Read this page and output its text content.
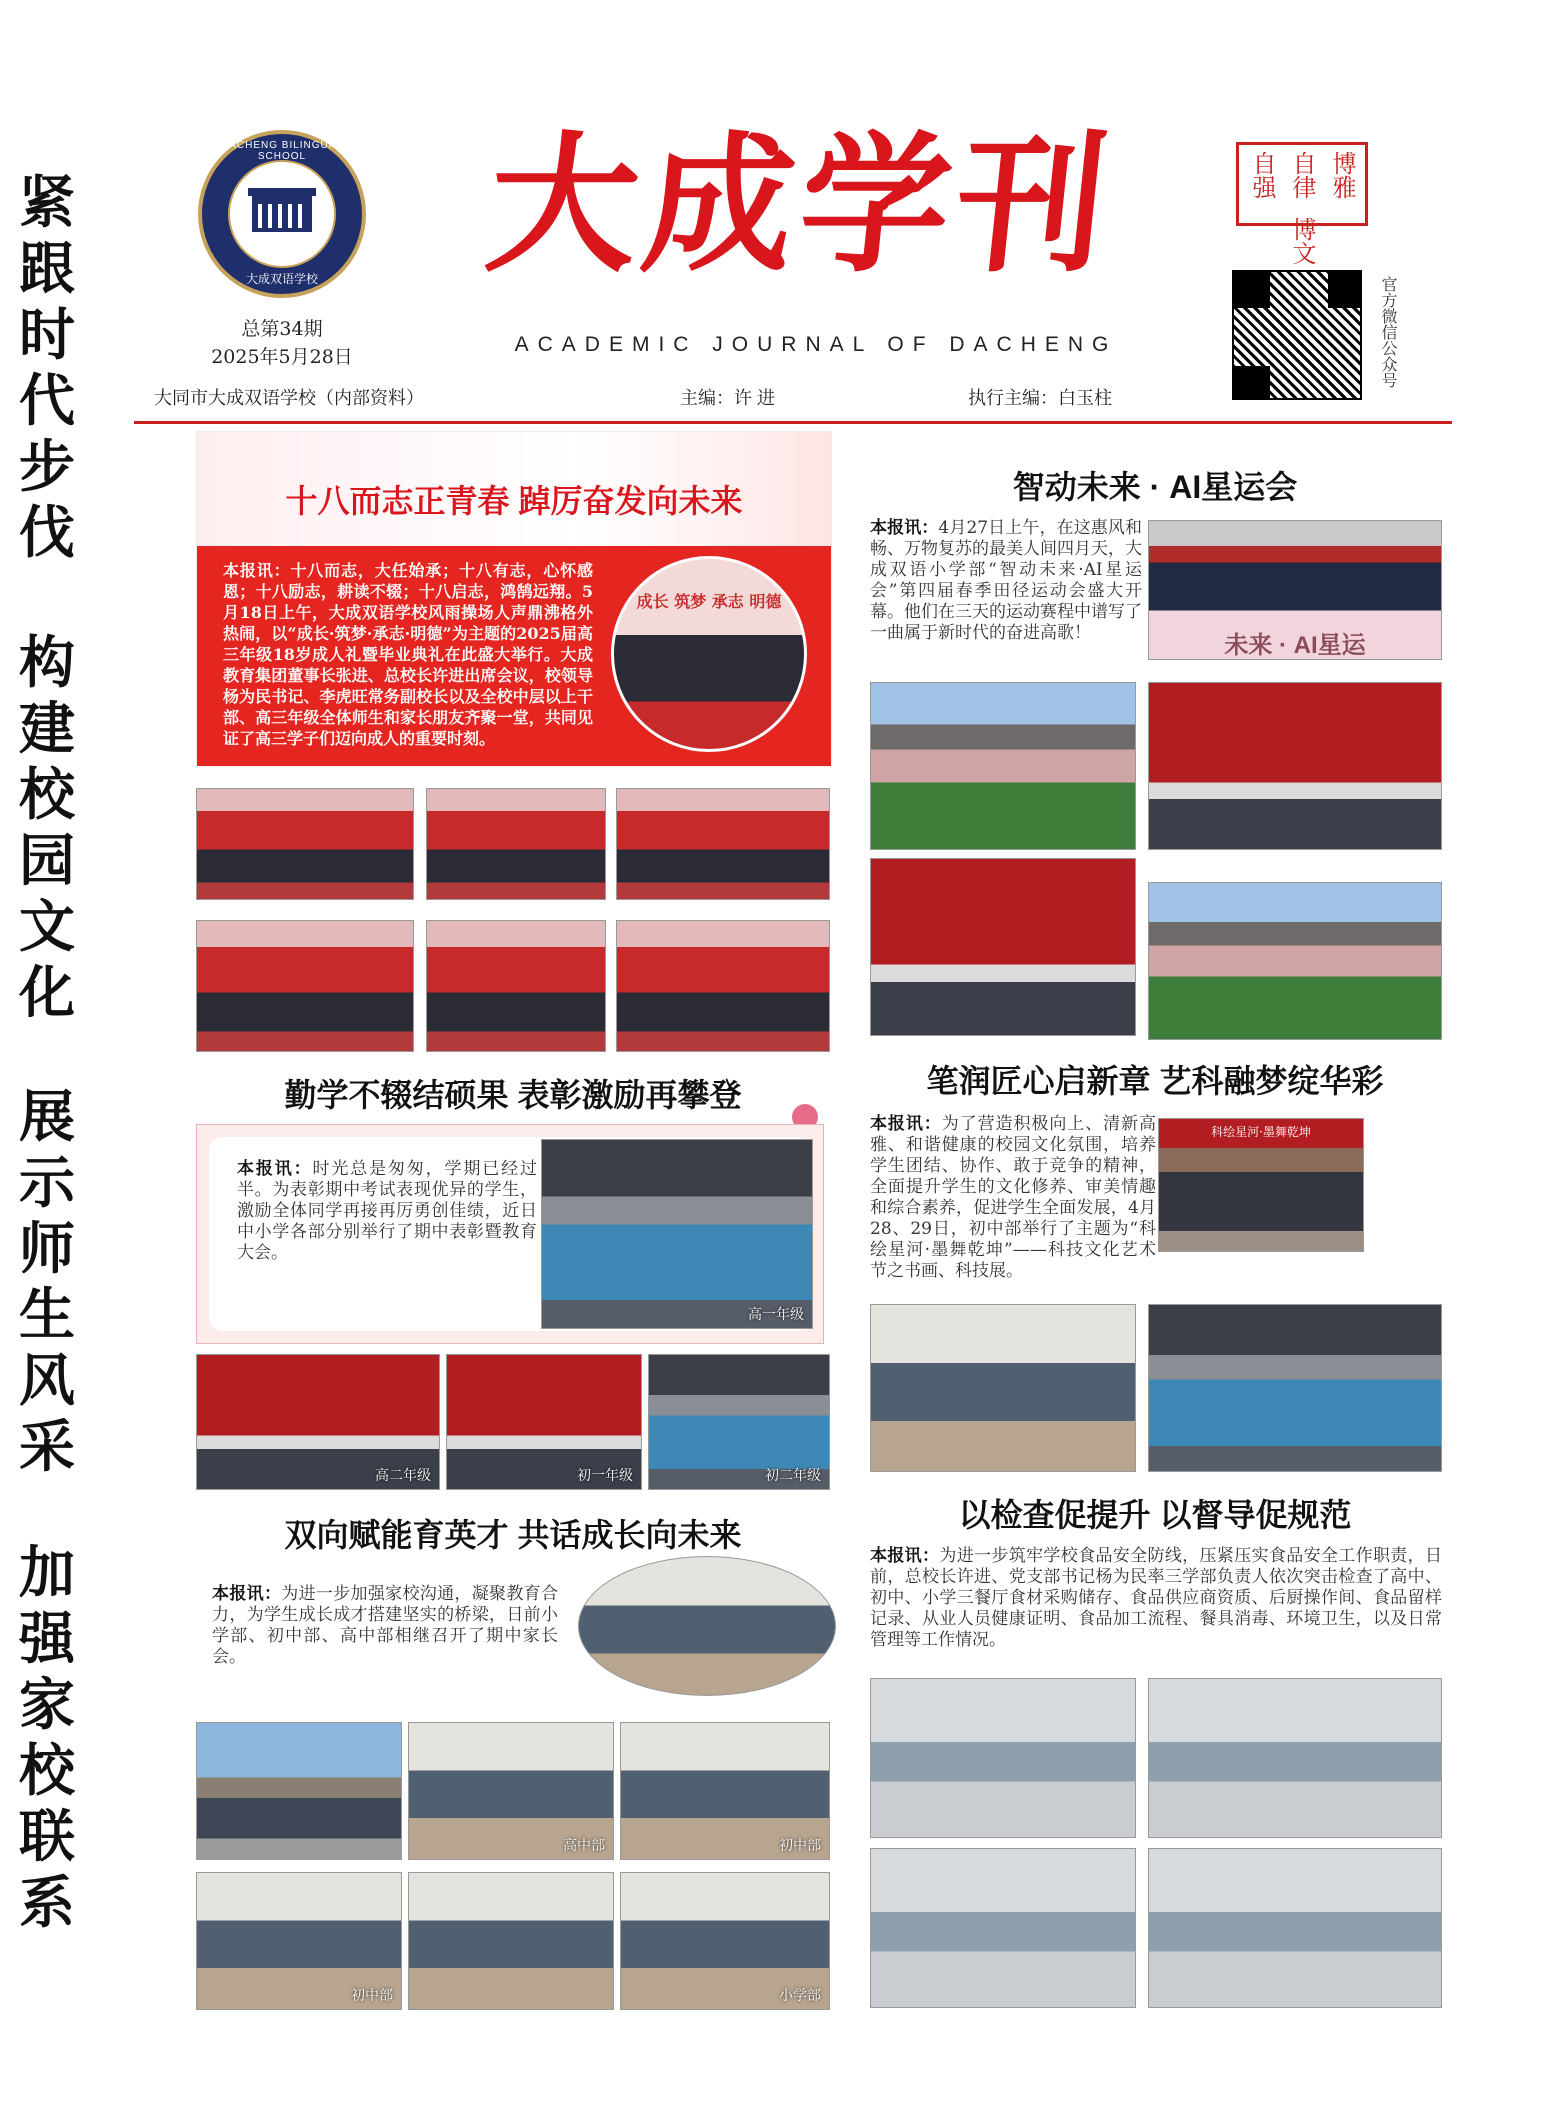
紧跟时代步伐
构建校园文化
展示师生风采
加强家校联系
DACHENG BILINGUAL SCHOOL
大成双语学校
总第34期
2025年5月28日
大成学刊
ACADEMIC JOURNAL OF DACHENG
自强 自律 博雅博文
官方微信公众号
大同市大成双语学校（内部资料）	主编：许 进	执行主编：白玉柱
十八而志正青春 踔厉奋发向未来
本报讯：十八而志，大任始承；十八有志，心怀感恩；十八励志，耕读不辍；十八启志，鸿鹄远翔。5月18日上午，大成双语学校风雨操场人声鼎沸格外热闹，以“成长·筑梦·承志·明德”为主题的2025届高三年级18岁成人礼暨毕业典礼在此盛大举行。大成教育集团董事长张进、总校长许进出席会议，校领导杨为民书记、李虎旺常务副校长以及全校中层以上干部、高三年级全体师生和家长朋友齐聚一堂，共同见证了高三学子们迈向成人的重要时刻。
成长 筑梦 承志 明德
勤学不辍结硕果 表彰激励再攀登
本报讯：时光总是匆匆，学期已经过半。为表彰期中考试表现优异的学生，激励全体同学再接再厉勇创佳绩，近日中小学各部分别举行了期中表彰暨教育大会。
高一年级
高二年级	初一年级	初二年级
双向赋能育英才 共话成长向未来
本报讯：为进一步加强家校沟通，凝聚教育合力，为学生成长成才搭建坚实的桥梁，日前小学部、初中部、高中部相继召开了期中家长会。
高中部	初中部
初中部	小学部
智动未来 · AI星运会
本报讯：4月27日上午，在这惠风和畅、万物复苏的最美人间四月天，大成双语小学部“智动未来·AI星运会”第四届春季田径运动会盛大开幕。他们在三天的运动赛程中谱写了一曲属于新时代的奋进高歌！	未来 · AI星运
笔润匠心启新章 艺科融梦绽华彩
本报讯：为了营造积极向上、清新高雅、和谐健康的校园文化氛围，培养学生团结、协作、敢于竞争的精神，全面提升学生的文化修养、审美情趣和综合素养，促进学生全面发展，4月28、29日，初中部举行了主题为“科绘星河·墨舞乾坤”——科技文化艺术节之书画、科技展。
科绘星河·墨舞乾坤
以检查促提升 以督导促规范
本报讯：为进一步筑牢学校食品安全防线，压紧压实食品安全工作职责，日前，总校长许进、党支部书记杨为民率三学部负责人依次突击检查了高中、初中、小学三餐厅食材采购储存、食品供应商资质、后厨操作间、食品留样记录、从业人员健康证明、食品加工流程、餐具消毒、环境卫生，以及日常管理等工作情况。
